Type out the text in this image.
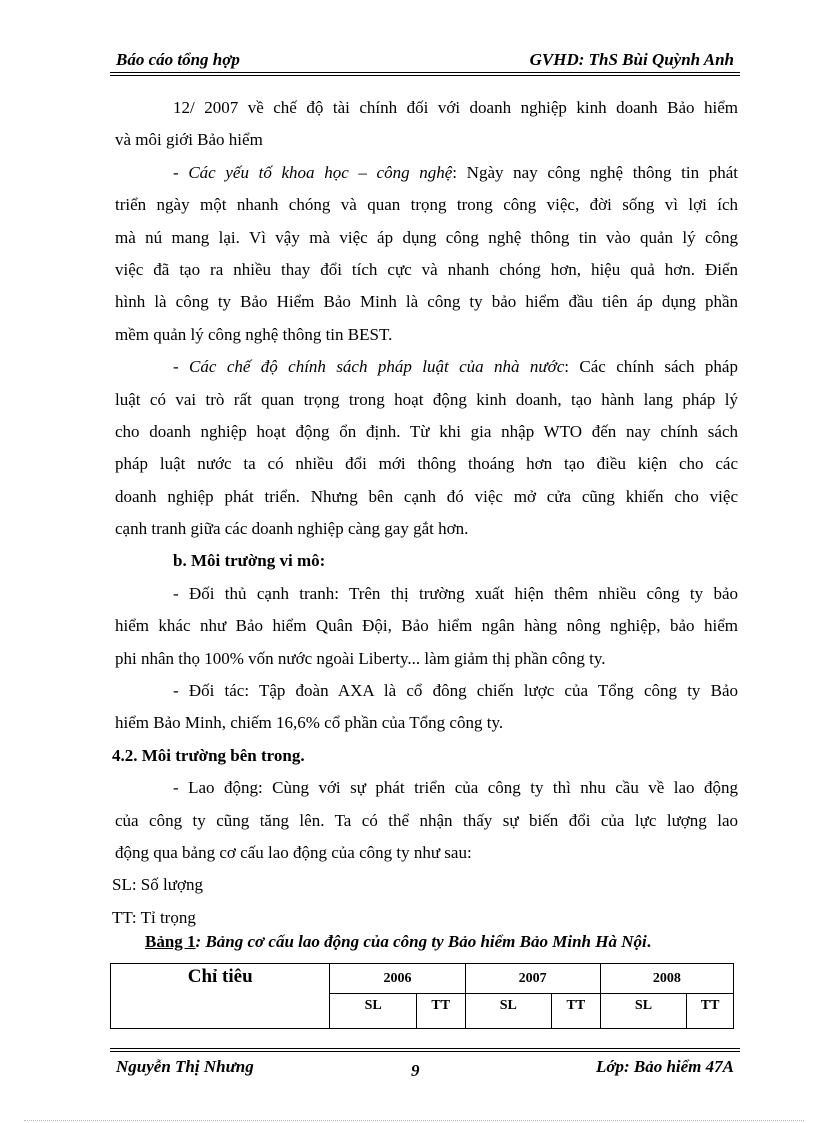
Báo cáo tổng hợp	GVHD: ThS Bùi Quỳnh Anh
12/ 2007 về chế độ tài chính đối với doanh nghiệp kinh doanh Bảo hiểm
và môi giới Bảo hiểm
- Các yếu tố khoa học – công nghệ: Ngày nay công nghệ thông tin phát
triển ngày một nhanh chóng và quan trọng trong công việc, đời sống vì lợi ích
mà nú mang lại. Vì vậy mà việc áp dụng công nghệ thông tin vào quản lý công
việc đã tạo ra nhiều thay đổi tích cực và nhanh chóng hơn, hiệu quả hơn. Điển
hình là công ty Bảo Hiểm Bảo Minh là công ty bảo hiểm đầu tiên áp dụng phần
mềm quản lý công nghệ thông tin BEST.
- Các chế độ chính sách pháp luật của nhà nước: Các chính sách pháp
luật có vai trò rất quan trọng trong hoạt động kinh doanh, tạo hành lang pháp lý
cho doanh nghiệp hoạt động ổn định. Từ khi gia nhập WTO đến nay chính sách
pháp luật nước ta có nhiều đổi mới thông thoáng hơn tạo điều kiện cho các
doanh nghiệp phát triển. Nhưng bên cạnh đó việc mở cửa cũng khiến cho việc
cạnh tranh giữa các doanh nghiệp càng gay gắt hơn.
b. Môi trường vi mô:
- Đối thủ cạnh tranh: Trên thị trường xuất hiện thêm nhiều công ty bảo
hiểm khác như Bảo hiểm Quân Đội, Bảo hiểm ngân hàng nông nghiệp, bảo hiểm
phi nhân thọ 100% vốn nước ngoài Liberty... làm giảm thị phần công ty.
- Đối tác: Tập đoàn AXA là cổ đông chiến lược của Tổng công ty Bảo
hiểm Bảo Minh, chiếm 16,6% cổ phần của Tổng công ty.
4.2. Môi trường bên trong.
- Lao động: Cùng với sự phát triển của công ty thì nhu cầu về lao động
của công ty cũng tăng lên. Ta có thể nhận thấy sự biến đổi của lực lượng lao
động qua bảng cơ cấu lao động của công ty như sau:
SL: Số lượng
TT: Tỉ trọng
Bảng 1: Bảng cơ cấu lao động của công ty Bảo hiểm Bảo Minh Hà Nội.
Chỉ tiêu	2006		2007		2008	
	SL	TT	SL	TT	SL	TT
Nguyễn Thị Nhưng	9	Lớp: Bảo hiểm 47A
